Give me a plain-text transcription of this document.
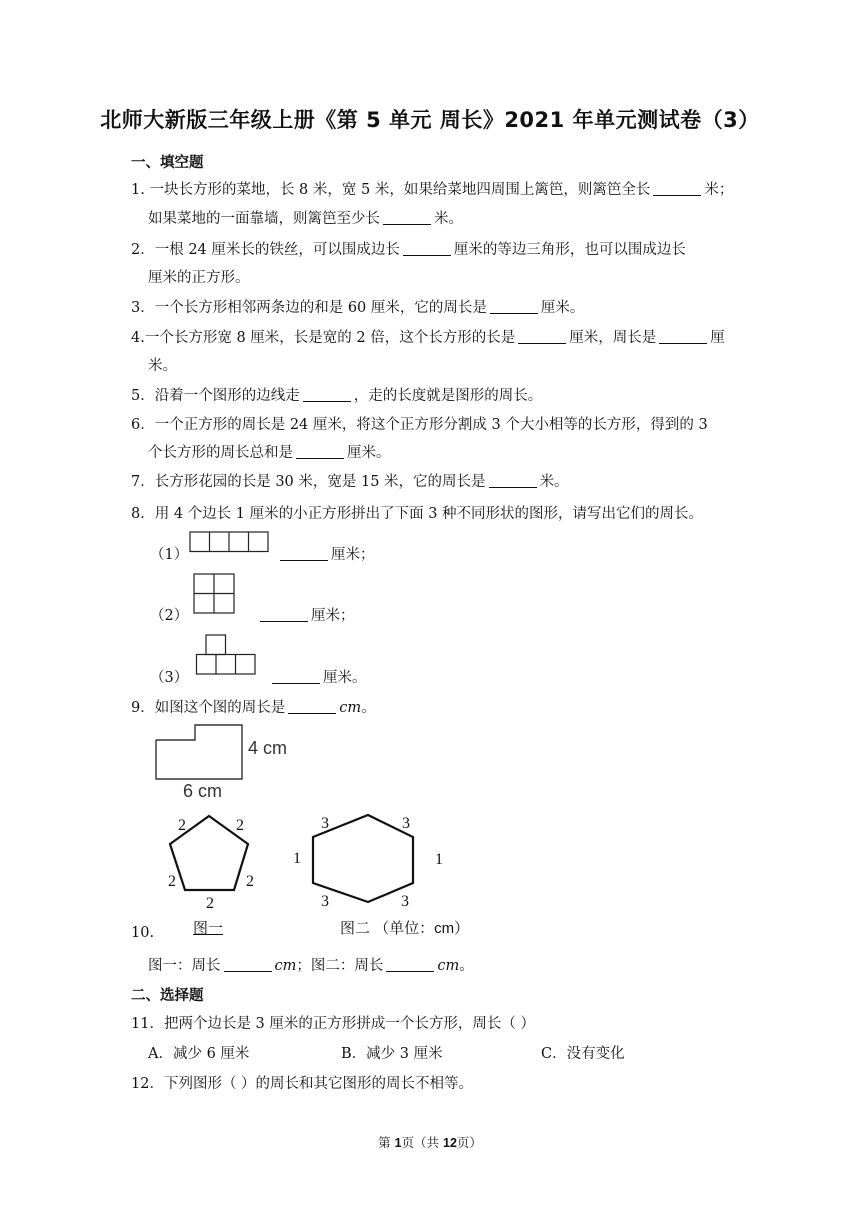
北师大新版三年级上册《第 5 单元 周长》2021 年单元测试卷（3）
一、填空题
1. 一块长方形的菜地，长 8 米，宽 5 米，如果给菜地四周围上篱笆，则篱笆全长	米；
如果菜地的一面靠墙，则篱笆至少长	米。
2．一根 24 厘米长的铁丝，可以围成边长	厘米的等边三角形，也可以围成边长
厘米的正方形。
3．一个长方形相邻两条边的和是 60 厘米，它的周长是	厘米。
4.一个长方形宽 8 厘米，长是宽的 2 倍，这个长方形的长是	厘米，周长是	厘
米。
5．沿着一个图形的边线走	，走的长度就是图形的周长。
6．一个正方形的周长是 24 厘米，将这个正方形分割成 3 个大小相等的长方形，得到的 3
个长方形的周长总和是	厘米。
7．长方形花园的长是 30 米，宽是 15 米，它的周长是	米。
8．用 4 个边长 1 厘米的小正方形拼出了下面 3 种不同形状的图形，请写出它们的周长。
（1）	厘米；
（2）	厘米；
（3）	厘米。
9．如图这个图的周长是	cm。
4 cm
6 cm
2	2
2	2
2
3	3
1	1
3	3
10.	图一	图二 （单位：cm）
图一：周长	cm；图二：周长	cm。
二、选择题
11．把两个边长是 3 厘米的正方形拼成一个长方形，周长（ ）
A．减少 6 厘米	B．减少 3 厘米	C．没有变化
12．下列图形（ ）的周长和其它图形的周长不相等。
第 1页（共 12页）
